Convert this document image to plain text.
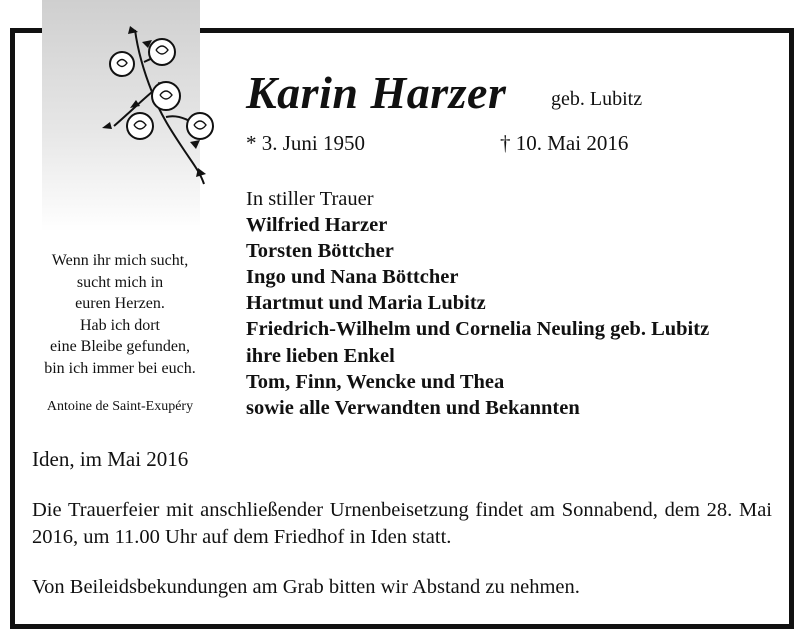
Karin Harzer geb. Lubitz
* 3. Juni 1950	† 10. Mai 2016
Wenn ihr mich sucht,
sucht mich in
euren Herzen.
Hab ich dort
eine Bleibe gefunden,
bin ich immer bei euch.
Antoine de Saint-Exupéry
In stiller Trauer
Wilfried Harzer
Torsten Böttcher
Ingo und Nana Böttcher
Hartmut und Maria Lubitz
Friedrich-Wilhelm und Cornelia Neuling geb. Lubitz
ihre lieben Enkel
Tom, Finn, Wencke und Thea
sowie alle Verwandten und Bekannten
Iden, im Mai 2016
Die Trauerfeier mit anschließender Urnenbeisetzung findet am Sonnabend, dem 28. Mai 2016, um 11.00 Uhr auf dem Friedhof in Iden statt.
Von Beileidsbekundungen am Grab bitten wir Abstand zu nehmen.
